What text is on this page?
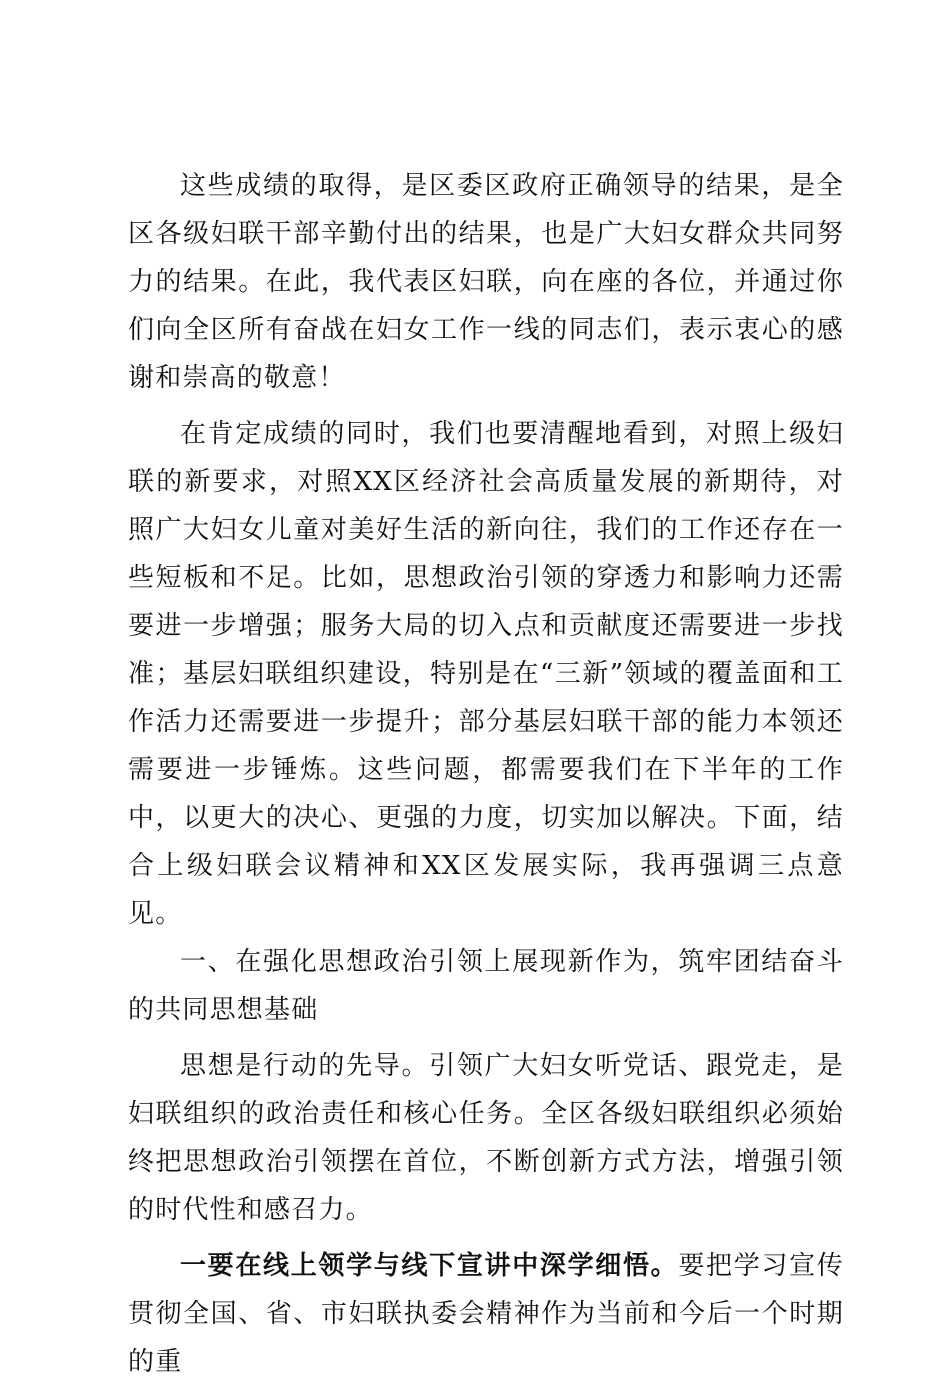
这些成绩的取得，是区委区政府正确领导的结果，是全区各级妇联干部辛勤付出的结果，也是广大妇女群众共同努力的结果。在此，我代表区妇联，向在座的各位，并通过你们向全区所有奋战在妇女工作一线的同志们，表示衷心的感谢和崇高的敬意！

在肯定成绩的同时，我们也要清醒地看到，对照上级妇联的新要求，对照XX区经济社会高质量发展的新期待，对照广大妇女儿童对美好生活的新向往，我们的工作还存在一些短板和不足。比如，思想政治引领的穿透力和影响力还需要进一步增强；服务大局的切入点和贡献度还需要进一步找准；基层妇联组织建设，特别是在“三新”领域的覆盖面和工作活力还需要进一步提升；部分基层妇联干部的能力本领还需要进一步锤炼。这些问题，都需要我们在下半年的工作中，以更大的决心、更强的力度，切实加以解决。下面，结合上级妇联会议精神和XX区发展实际，我再强调三点意见。

一、在强化思想政治引领上展现新作为，筑牢团结奋斗的共同思想基础

思想是行动的先导。引领广大妇女听党话、跟党走，是妇联组织的政治责任和核心任务。全区各级妇联组织必须始终把思想政治引领摆在首位，不断创新方式方法，增强引领的时代性和感召力。

一要在线上领学与线下宣讲中深学细悟。要把学习宣传贯彻全国、省、市妇联执委会精神作为当前和今后一个时期的重
